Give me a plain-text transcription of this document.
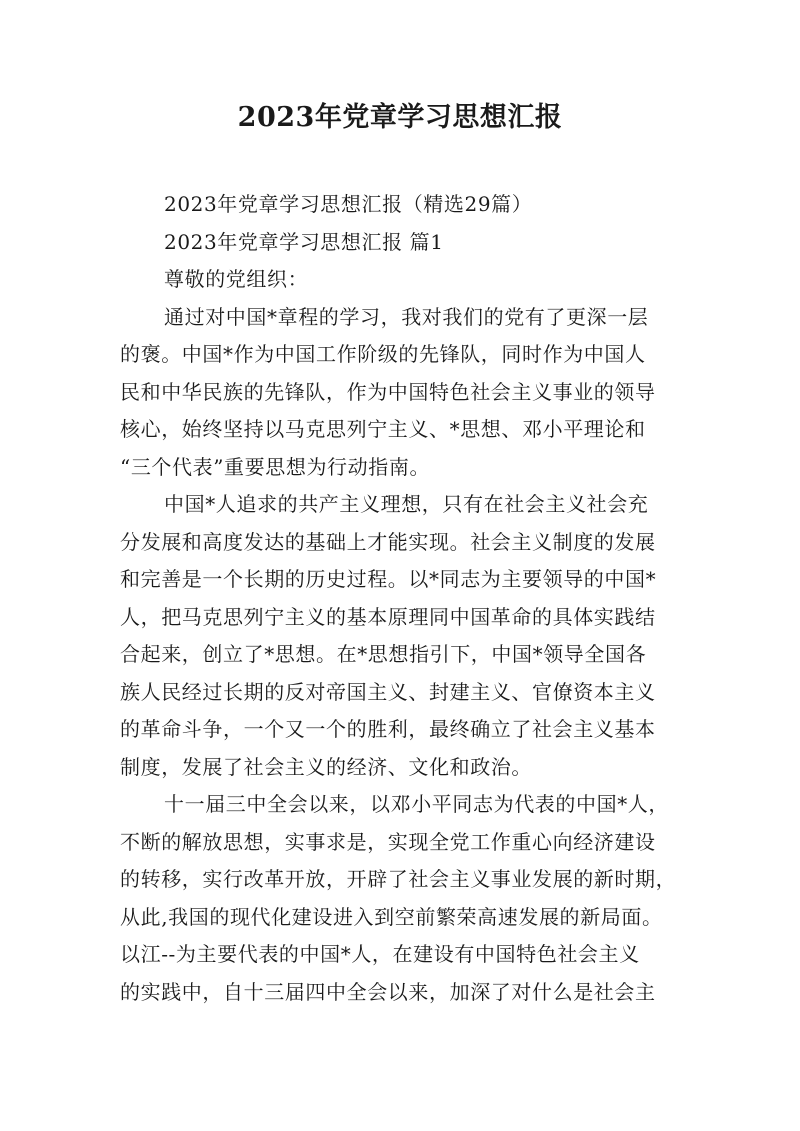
2023年党章学习思想汇报

2023年党章学习思想汇报（精选29篇）

2023年党章学习思想汇报 篇1

尊敬的党组织：

通过对中国*章程的学习，我对我们的党有了更深一层
的褒。中国*作为中国工作阶级的先锋队，同时作为中国人
民和中华民族的先锋队，作为中国特色社会主义事业的领导
核心，始终坚持以马克思列宁主义、*思想、邓小平理论和
“三个代表”重要思想为行动指南。

中国*人追求的共产主义理想，只有在社会主义社会充
分发展和高度发达的基础上才能实现。社会主义制度的发展
和完善是一个长期的历史过程。以*同志为主要领导的中国*
人，把马克思列宁主义的基本原理同中国革命的具体实践结
合起来，创立了*思想。在*思想指引下，中国*领导全国各
族人民经过长期的反对帝国主义、封建主义、官僚资本主义
的革命斗争，一个又一个的胜利，最终确立了社会主义基本
制度，发展了社会主义的经济、文化和政治。

十一届三中全会以来，以邓小平同志为代表的中国*人，
不断的解放思想，实事求是，实现全党工作重心向经济建设
的转移，实行改革开放，开辟了社会主义事业发展的新时期，
从此,我国的现代化建设进入到空前繁荣高速发展的新局面。
以江--为主要代表的中国*人，在建设有中国特色社会主义
的实践中，自十三届四中全会以来，加深了对什么是社会主
